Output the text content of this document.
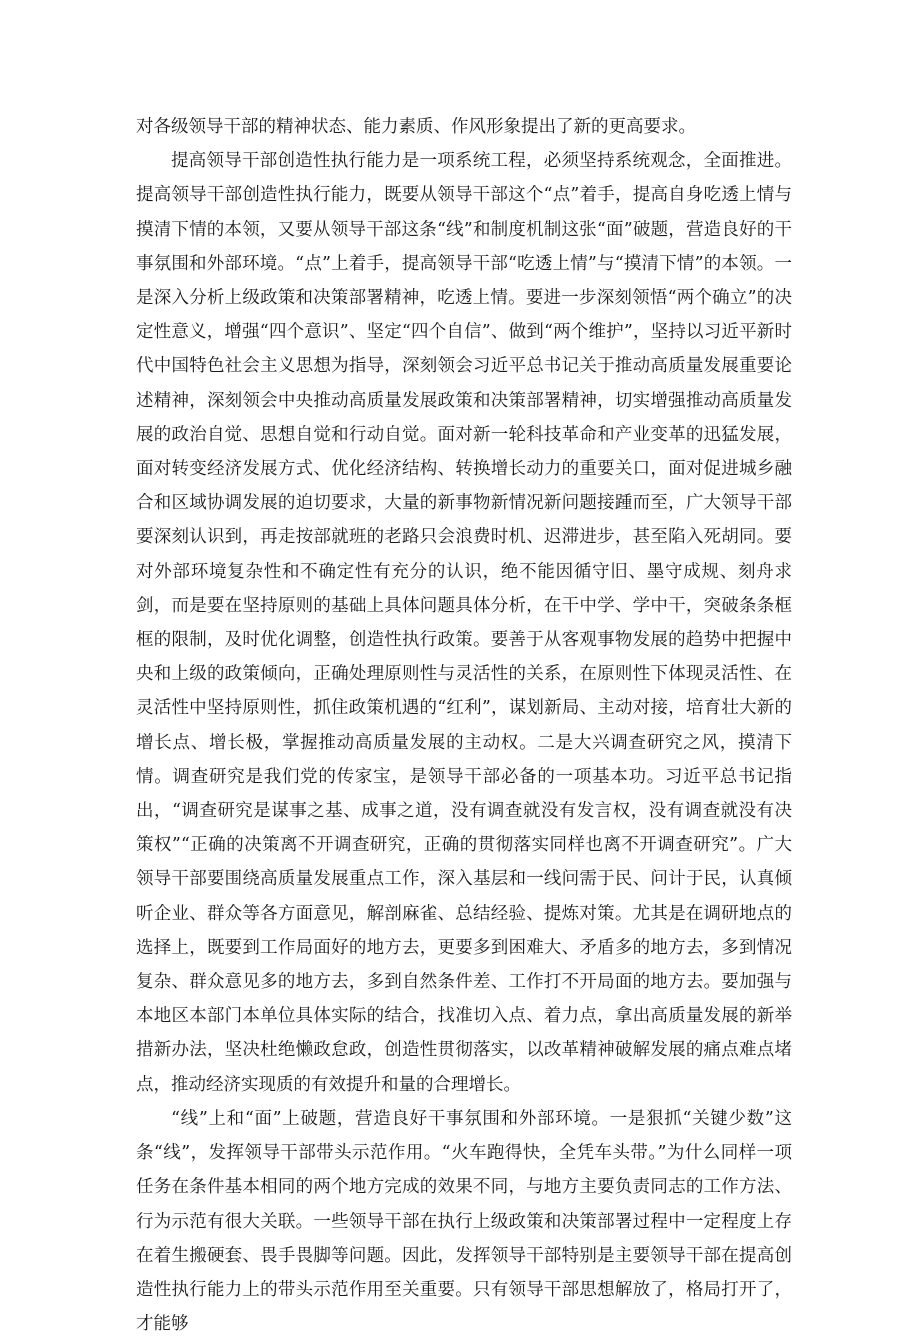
对各级领导干部的精神状态、能力素质、作风形象提出了新的更高要求。

提高领导干部创造性执行能力是一项系统工程，必须坚持系统观念，全面推进。提高领导干部创造性执行能力，既要从领导干部这个“点”着手，提高自身吃透上情与摸清下情的本领，又要从领导干部这条“线”和制度机制这张“面”破题，营造良好的干事氛围和外部环境。“点”上着手，提高领导干部“吃透上情”与“摸清下情”的本领。一是深入分析上级政策和决策部署精神，吃透上情。要进一步深刻领悟“两个确立”的决定性意义，增强“四个意识”、坚定“四个自信”、做到“两个维护”，坚持以习近平新时代中国特色社会主义思想为指导，深刻领会习近平总书记关于推动高质量发展重要论述精神，深刻领会中央推动高质量发展政策和决策部署精神，切实增强推动高质量发展的政治自觉、思想自觉和行动自觉。面对新一轮科技革命和产业变革的迅猛发展，面对转变经济发展方式、优化经济结构、转换增长动力的重要关口，面对促进城乡融合和区域协调发展的迫切要求，大量的新事物新情况新问题接踵而至，广大领导干部要深刻认识到，再走按部就班的老路只会浪费时机、迟滞进步，甚至陷入死胡同。要对外部环境复杂性和不确定性有充分的认识，绝不能因循守旧、墨守成规、刻舟求剑，而是要在坚持原则的基础上具体问题具体分析，在干中学、学中干，突破条条框框的限制，及时优化调整，创造性执行政策。要善于从客观事物发展的趋势中把握中央和上级的政策倾向，正确处理原则性与灵活性的关系，在原则性下体现灵活性、在灵活性中坚持原则性，抓住政策机遇的“红利”，谋划新局、主动对接，培育壮大新的增长点、增长极，掌握推动高质量发展的主动权。二是大兴调查研究之风，摸清下情。调查研究是我们党的传家宝，是领导干部必备的一项基本功。习近平总书记指出，“调查研究是谋事之基、成事之道，没有调查就没有发言权，没有调查就没有决策权”“正确的决策离不开调查研究，正确的贯彻落实同样也离不开调查研究”。广大领导干部要围绕高质量发展重点工作，深入基层和一线问需于民、问计于民，认真倾听企业、群众等各方面意见，解剖麻雀、总结经验、提炼对策。尤其是在调研地点的选择上，既要到工作局面好的地方去，更要多到困难大、矛盾多的地方去，多到情况复杂、群众意见多的地方去，多到自然条件差、工作打不开局面的地方去。要加强与本地区本部门本单位具体实际的结合，找准切入点、着力点，拿出高质量发展的新举措新办法，坚决杜绝懒政怠政，创造性贯彻落实，以改革精神破解发展的痛点难点堵点，推动经济实现质的有效提升和量的合理增长。

“线”上和“面”上破题，营造良好干事氛围和外部环境。一是狠抓“关键少数”这条“线”，发挥领导干部带头示范作用。“火车跑得快，全凭车头带。”为什么同样一项任务在条件基本相同的两个地方完成的效果不同，与地方主要负责同志的工作方法、行为示范有很大关联。一些领导干部在执行上级政策和决策部署过程中一定程度上存在着生搬硬套、畏手畏脚等问题。因此，发挥领导干部特别是主要领导干部在提高创造性执行能力上的带头示范作用至关重要。只有领导干部思想解放了，格局打开了，才能够
